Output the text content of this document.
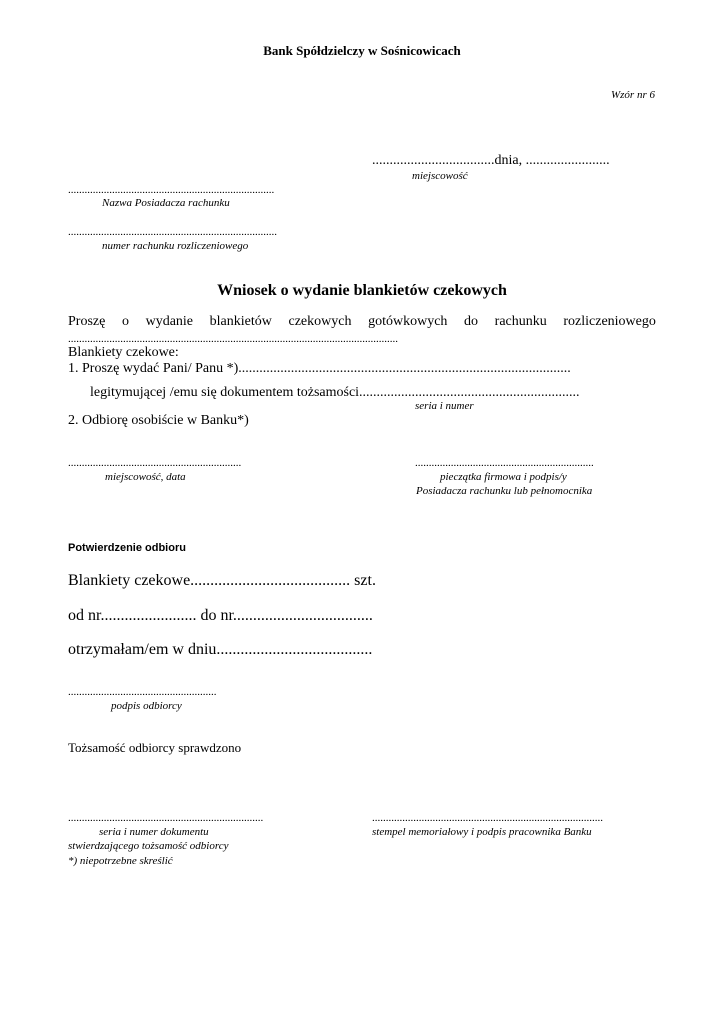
Bank Spółdzielczy w Sośnicowicach
Wzór nr 6
...................................dnia, ........................
miejscowość
...........................................................................
Nazwa Posiadacza rachunku
............................................................................
numer rachunku rozliczeniowego
Wniosek o wydanie blankietów czekowych
Proszę o wydanie blankietów czekowych gotówkowych do rachunku rozliczeniowego
........................................................................................................................
Blankiety czekowe:
1. Proszę wydać Pani/ Panu *)...............................................................................................
legitymującej /emu się dokumentem tożsamości...............................................................
seria i numer
2. Odbiorę osobiście w Banku*)
...............................................................
miejscowość, data
.................................................................
pieczątka firmowa i podpis/y
Posiadacza rachunku lub pełnomocnika
Potwierdzenie odbioru
Blankiety czekowe........................................ szt.
od nr........................ do nr...................................
otrzymałam/em w dniu.......................................
......................................................
podpis odbiorcy
Tożsamość odbiorcy sprawdzono
.......................................................................
seria i numer dokumentu
stwierdzającego tożsamość odbiorcy
*) niepotrzebne skreślić
....................................................................................
stempel memoriałowy i podpis pracownika Banku
